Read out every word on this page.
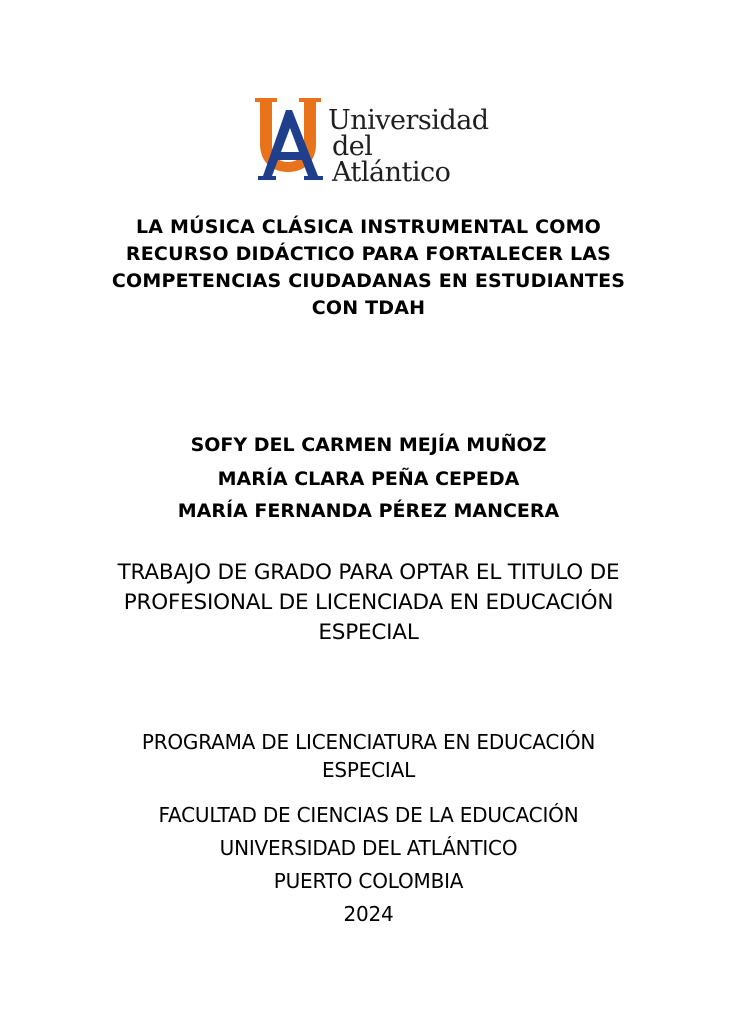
Universidad
del Atlántico
LA MÚSICA CLÁSICA INSTRUMENTAL COMO
RECURSO DIDÁCTICO PARA FORTALECER LAS
COMPETENCIAS CIUDADANAS EN ESTUDIANTES
CON TDAH
SOFY DEL CARMEN MEJÍA MUÑOZ
MARÍA CLARA PEÑA CEPEDA
MARÍA FERNANDA PÉREZ MANCERA
TRABAJO DE GRADO PARA OPTAR EL TITULO DE
PROFESIONAL DE LICENCIADA EN EDUCACIÓN
ESPECIAL
PROGRAMA DE LICENCIATURA EN EDUCACIÓN
ESPECIAL
FACULTAD DE CIENCIAS DE LA EDUCACIÓN
UNIVERSIDAD DEL ATLÁNTICO
PUERTO COLOMBIA
2024
